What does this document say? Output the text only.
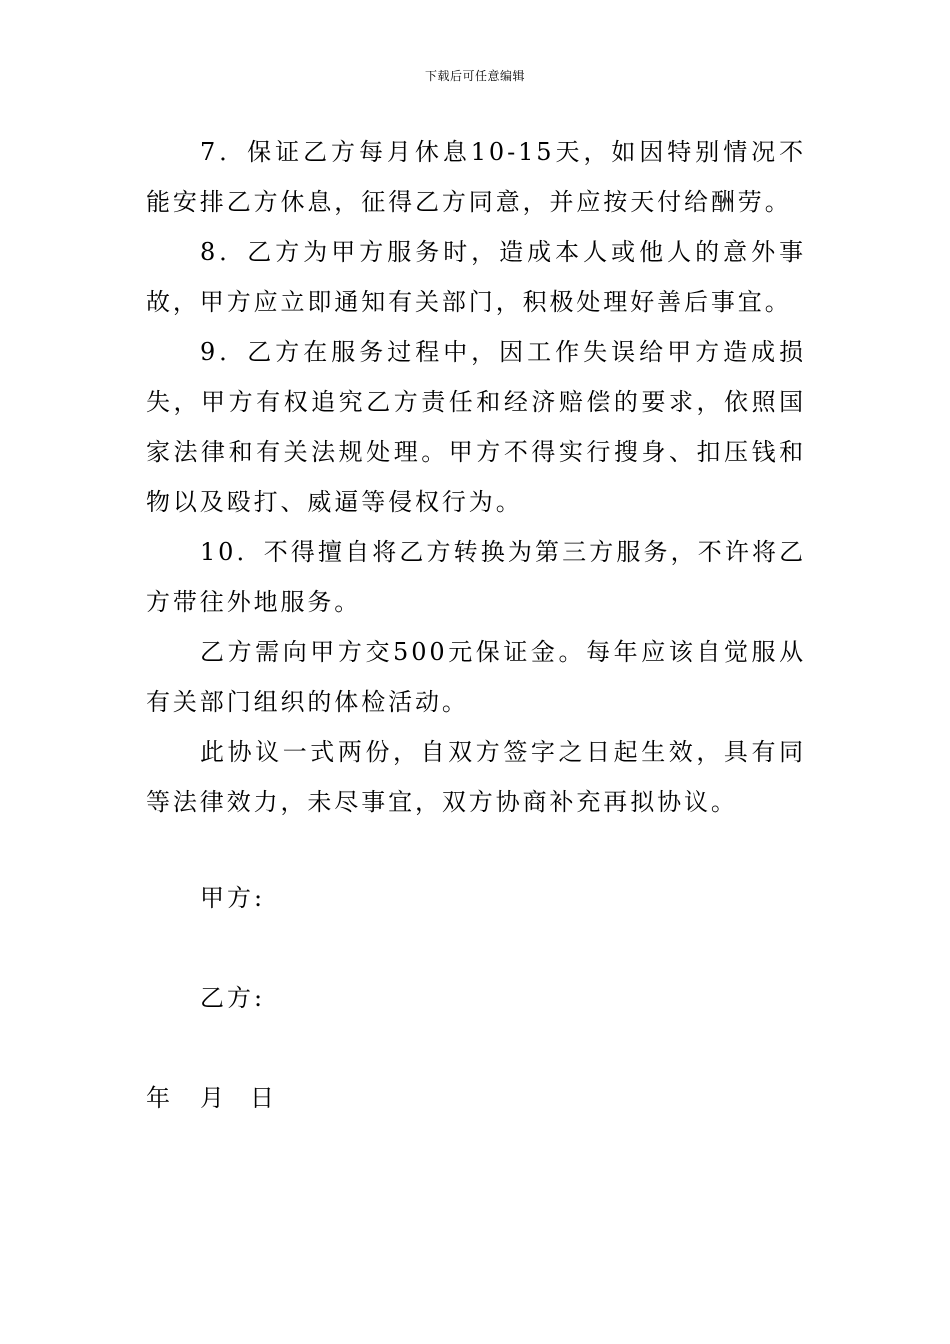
下载后可任意编辑

7．保证乙方每月休息10-15天，如因特别情况不能安排乙方休息，征得乙方同意，并应按天付给酬劳。

8．乙方为甲方服务时，造成本人或他人的意外事故，甲方应立即通知有关部门，积极处理好善后事宜。

9．乙方在服务过程中，因工作失误给甲方造成损失，甲方有权追究乙方责任和经济赔偿的要求，依照国家法律和有关法规处理。甲方不得实行搜身、扣压钱和物以及殴打、威逼等侵权行为。

10．不得擅自将乙方转换为第三方服务，不许将乙方带往外地服务。

乙方需向甲方交500元保证金。每年应该自觉服从有关部门组织的体检活动。

此协议一式两份，自双方签字之日起生效，具有同等法律效力，未尽事宜，双方协商补充再拟协议。

甲方:
乙方:
年	月	日
